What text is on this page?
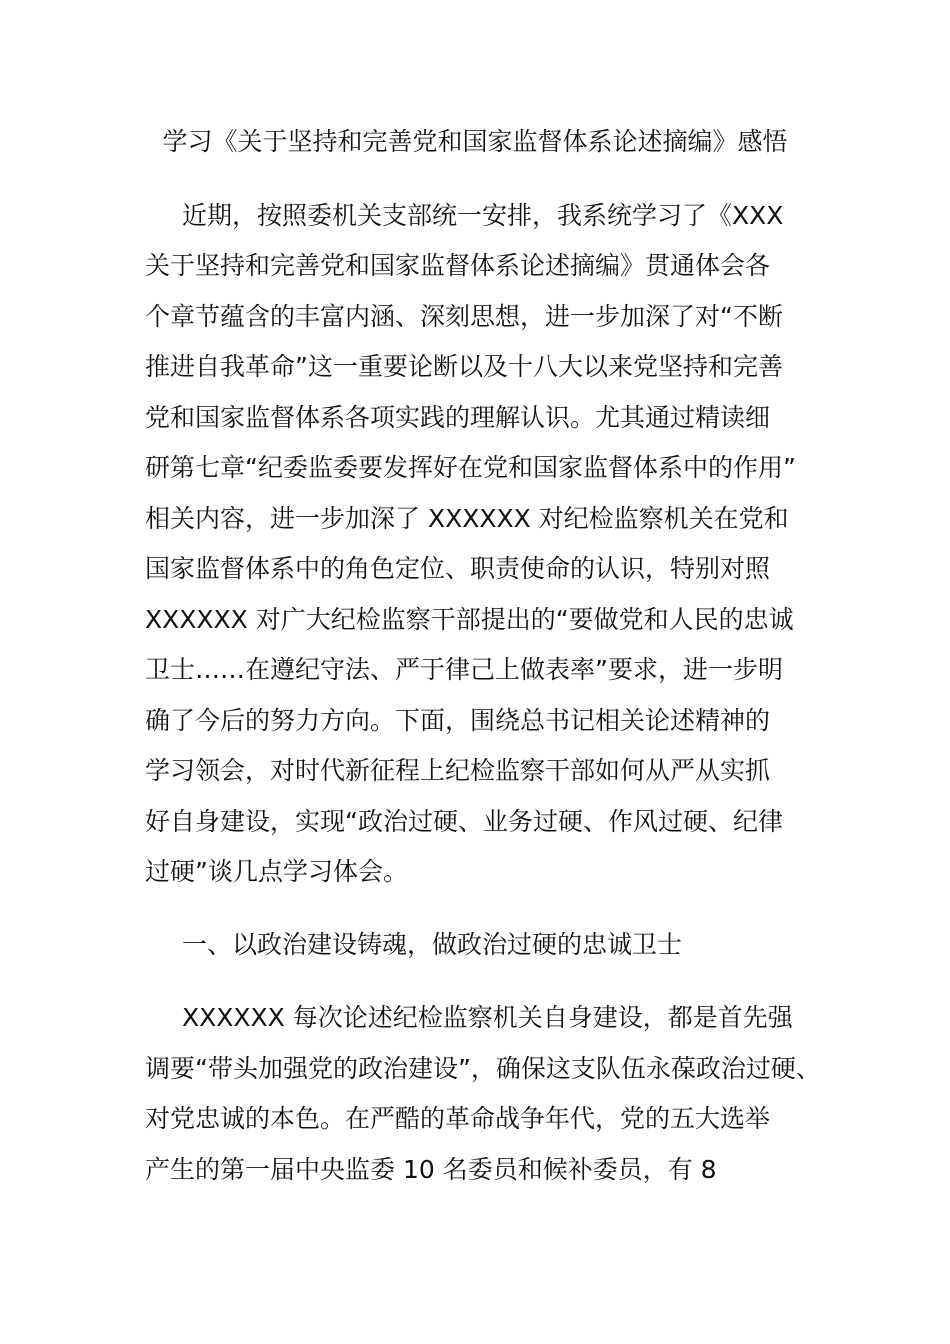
学习《关于坚持和完善党和国家监督体系论述摘编》感悟
近期，按照委机关支部统一安排，我系统学习了《XXX
关于坚持和完善党和国家监督体系论述摘编》贯通体会各
个章节蕴含的丰富内涵、深刻思想，进一步加深了对“不断
推进自我革命”这一重要论断以及十八大以来党坚持和完善
党和国家监督体系各项实践的理解认识。尤其通过精读细
研第七章“纪委监委要发挥好在党和国家监督体系中的作用”
相关内容，进一步加深了 XXXXXX 对纪检监察机关在党和
国家监督体系中的角色定位、职责使命的认识，特别对照
XXXXXX 对广大纪检监察干部提出的“要做党和人民的忠诚
卫士……在遵纪守法、严于律己上做表率”要求，进一步明
确了今后的努力方向。下面，围绕总书记相关论述精神的
学习领会，对时代新征程上纪检监察干部如何从严从实抓
好自身建设，实现“政治过硬、业务过硬、作风过硬、纪律
过硬”谈几点学习体会。
一、以政治建设铸魂，做政治过硬的忠诚卫士
XXXXXX 每次论述纪检监察机关自身建设，都是首先强
调要“带头加强党的政治建设”，确保这支队伍永葆政治过硬、
对党忠诚的本色。在严酷的革命战争年代，党的五大选举
产生的第一届中央监委 10 名委员和候补委员，有 8
